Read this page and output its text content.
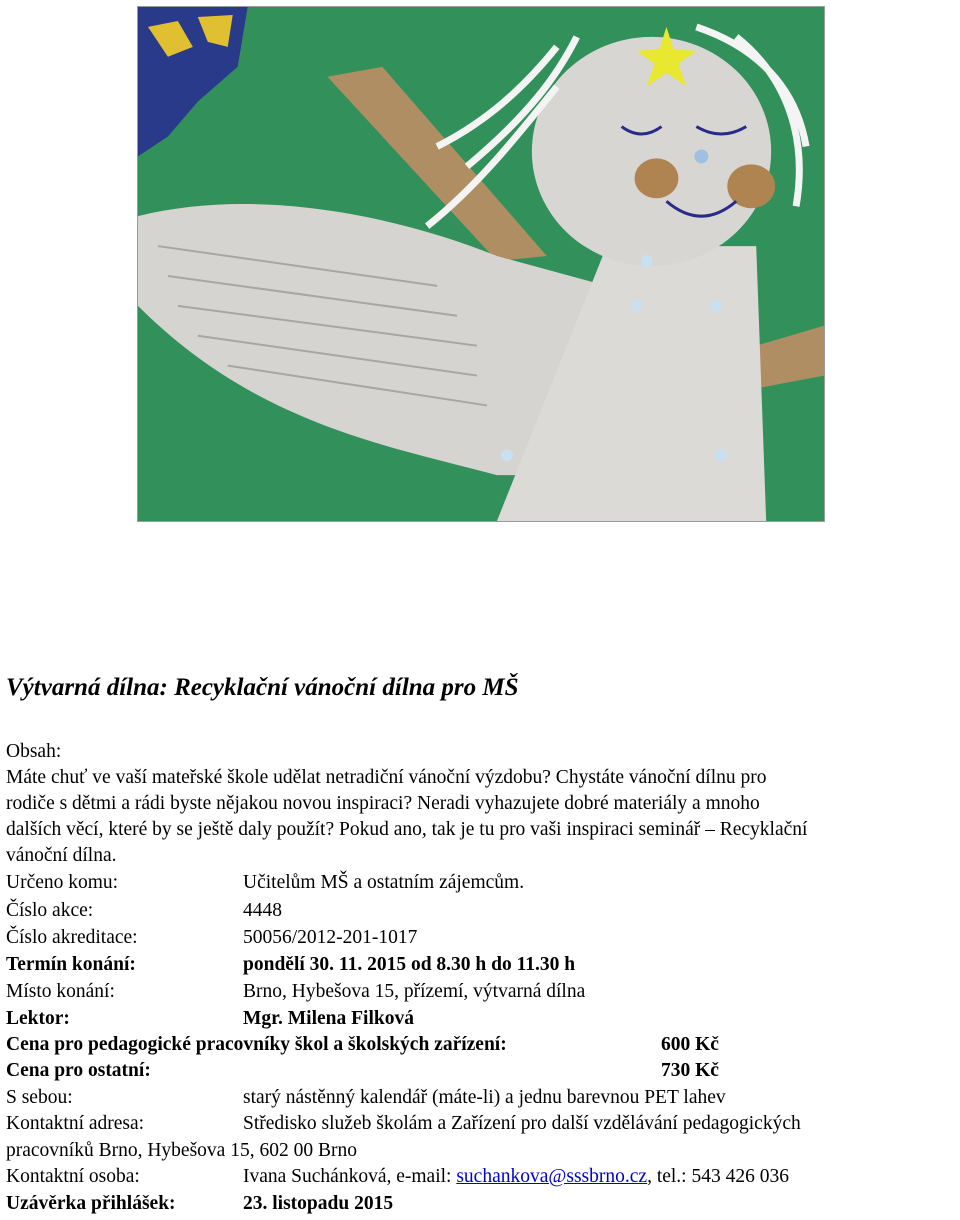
Výtvarná dílna: Recyklační vánoční dílna pro MŠ
Obsah:
Máte chuť ve vaší mateřské škole udělat netradiční vánoční výzdobu? Chystáte vánoční dílnu pro
rodiče s dětmi a rádi byste nějakou novou inspiraci? Neradi vyhazujete dobré materiály a mnoho
dalších věcí, které by se ještě daly použít? Pokud ano, tak je tu pro vaši inspiraci seminář – Recyklační
vánoční dílna.
Určeno komu:	Učitelům MŠ a ostatním zájemcům.
Číslo akce:	4448
Číslo akreditace:	50056/2012-201-1017
Termín konání:	pondělí 30. 11. 2015 od 8.30 h do 11.30 h
Místo konání:	Brno, Hybešova 15, přízemí, výtvarná dílna
Lektor:	Mgr. Milena Filková
Cena pro pedagogické pracovníky škol a školských zařízení:	600 Kč
Cena pro ostatní:	730 Kč
S sebou:	starý nástěnný kalendář (máte-li) a jednu barevnou PET lahev
Kontaktní adresa:	Středisko služeb školám a Zařízení pro další vzdělávání pedagogických
pracovníků Brno, Hybešova 15, 602 00 Brno
Kontaktní osoba:	Ivana Suchánková, e-mail: suchankova@sssbrno.cz, tel.: 543 426 036
Uzávěrka přihlášek:	23. listopadu 2015
